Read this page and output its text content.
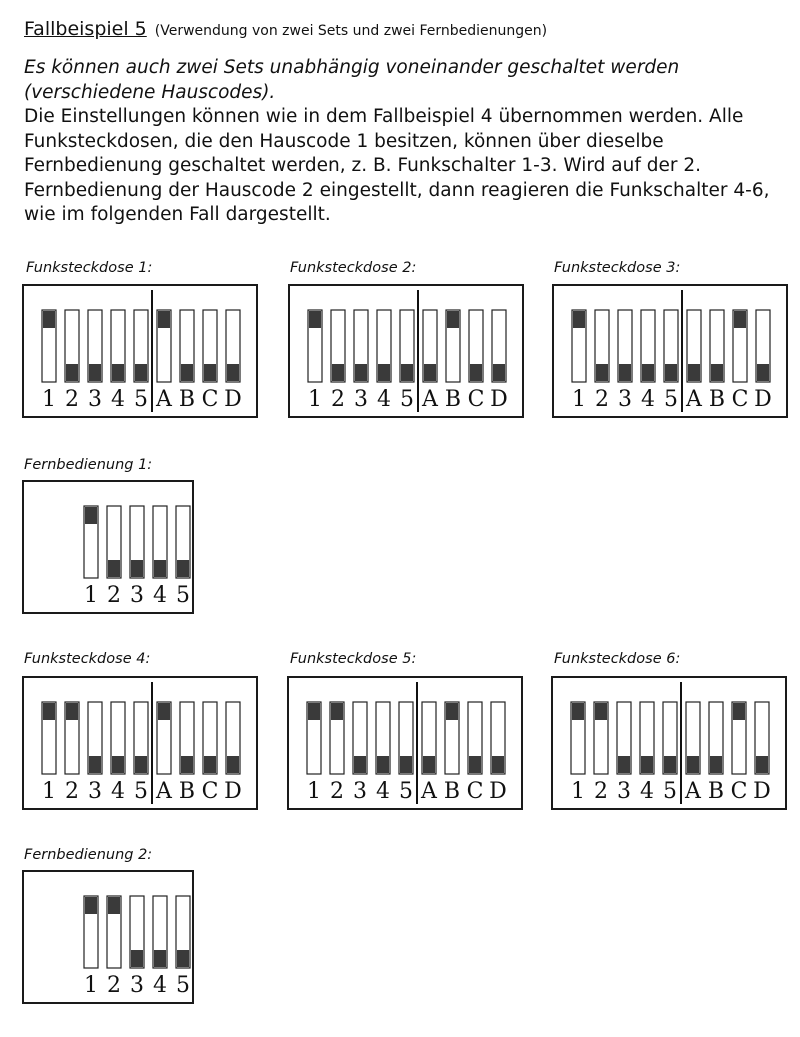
Fallbeispiel 5 (Verwendung von zwei Sets und zwei Fernbedienungen)

Es können auch zwei Sets unabhängig voneinander geschaltet werden (verschiedene Hauscodes).

Die Einstellungen können wie in dem Fallbeispiel 4 übernommen werden. Alle Funksteckdosen, die den Hauscode 1 besitzen, können über dieselbe Fernbedienung geschaltet werden, z. B. Funkschalter 1-3. Wird auf der 2. Fernbedienung der Hauscode 2 eingestellt, dann reagieren die Funkschalter 4-6, wie im folgenden Fall dargestellt.

Funksteckdose 1:
1 2 3 4 5 A B C D
Funksteckdose 2:
1 2 3 4 5 A B C D
Funksteckdose 3:
1 2 3 4 5 A B C D
Fernbedienung 1:
1 2 3 4 5
Funksteckdose 4:
1 2 3 4 5 A B C D
Funksteckdose 5:
1 2 3 4 5 A B C D
Funksteckdose 6:
1 2 3 4 5 A B C D
Fernbedienung 2:
1 2 3 4 5
